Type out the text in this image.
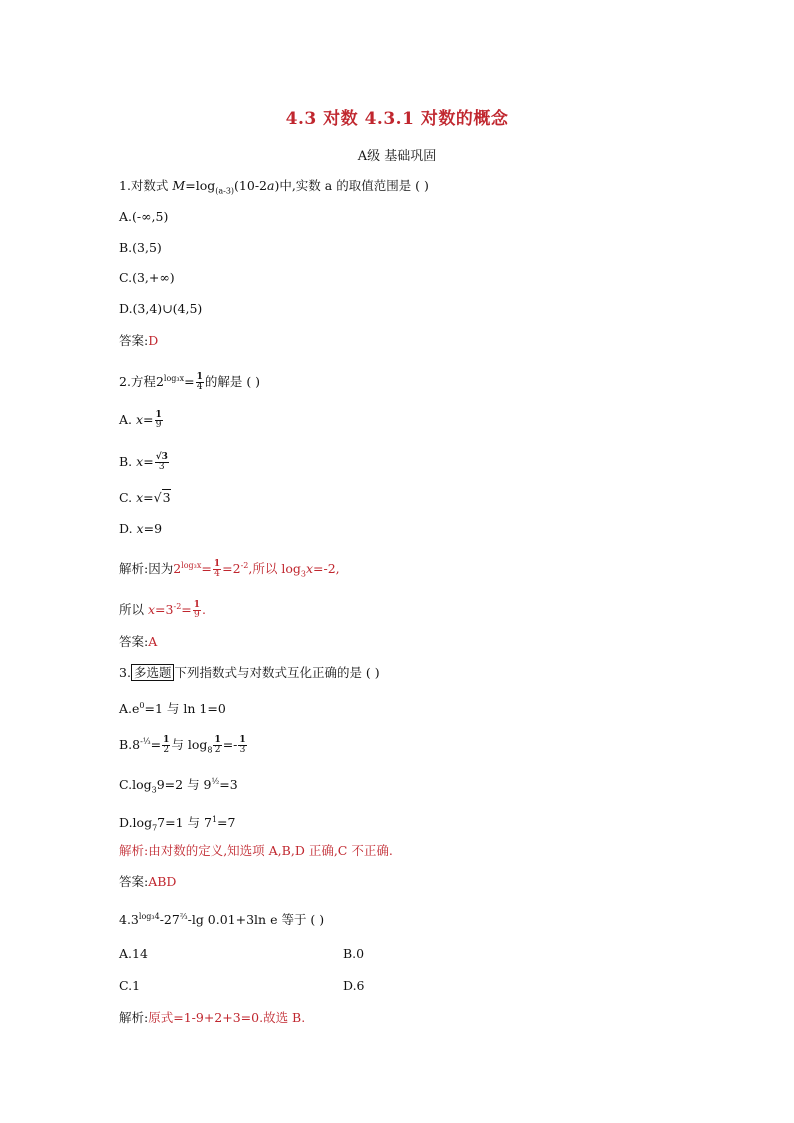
4.3 对数 4.3.1 对数的概念
A级 基础巩固
1.对数式 $M=\log_{(a-3)}(10-2a)$中,实数 a 的取值范围是 ( )
A.(-∞,5)
B.(3,5)
C.(3,+∞)
D.(3,4)∪(4,5)
答案:D
2.方程$2^{log_3x}= \frac{1}{4}$ 的解是 ( )
A. $x= \frac{1}{9}$
B. $x= \frac{√3}{3}$
C. x=√3
D. x=9
解析:因为$2^{log_3x}= \frac{1}{4} =2^{-2}$,所以 $\log_3x=-2$,
所以 $x=3^{-2}= \frac{1}{9}$ .
答案:A
3. 多选题 下列指数式与对数式互化正确的是 ( )
$A.e^0=1$ 与 ln 1=0
$B.8^{-\frac{1}{3}}= \frac{1}{2}$ 与 $\log_8 \frac{1}{2} =- \frac{1}{3}$
$C.\log_39=2$ 与 $9^{\frac{1}{2}}=3$
$D.\log_77=1$ 与 $7^1=7$
解析:由对数的定义,知选项 A,B,D 正确,C 不正确.
答案:ABD
$4.3^{log_34}-27^{\frac{2}{3}}-\lg$ 0.01+3ln e 等于 ( )
A.14	B.0
C.1	D.6
解析:原式=1-9+2+3=0.故选 B.
